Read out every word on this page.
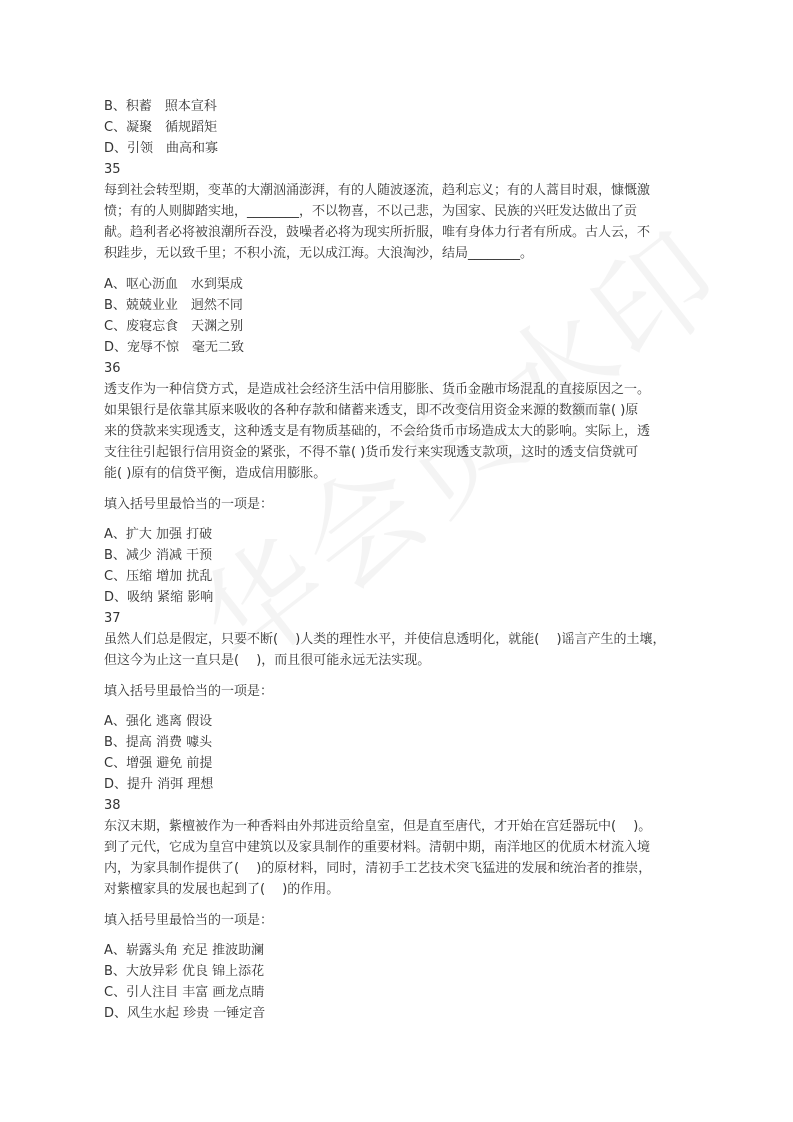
B、积蓄　照本宣科
C、凝聚　循规蹈矩
D、引领　曲高和寡
35
每到社会转型期，变革的大潮汹涌澎湃，有的人随波逐流，趋利忘义；有的人蒿目时艰，慷慨激
愤；有的人则脚踏实地，________，不以物喜，不以己悲，为国家、民族的兴旺发达做出了贡
献。趋利者必将被浪潮所吞没，鼓噪者必将为现实所折服，唯有身体力行者有所成。古人云，不
积跬步，无以致千里；不积小流，无以成江海。大浪淘沙，结局________。
A、呕心沥血　水到渠成
B、兢兢业业　迥然不同
C、废寝忘食　天渊之别
D、宠辱不惊　毫无二致
36
透支作为一种信贷方式，是造成社会经济生活中信用膨胀、货币金融市场混乱的直接原因之一。
如果银行是依靠其原来吸收的各种存款和储蓄来透支，即不改变信用资金来源的数额而靠( )原
来的贷款来实现透支，这种透支是有物质基础的，不会给货币市场造成太大的影响。实际上，透
支往往引起银行信用资金的紧张，不得不靠( )货币发行来实现透支款项，这时的透支信贷就可
能( )原有的信贷平衡，造成信用膨胀。
填入括号里最恰当的一项是：
A、扩大 加强 打破
B、减少 消减 干预
C、压缩 增加 扰乱
D、吸纳 紧缩 影响
37
虽然人们总是假定，只要不断(　 )人类的理性水平，并使信息透明化，就能(　 )谣言产生的土壤，
但这今为止这一直只是(　 )，而且很可能永远无法实现。
填入括号里最恰当的一项是：
A、强化 逃离 假设
B、提高 消费 噱头
C、增强 避免 前提
D、提升 消弭 理想
38
东汉末期，紫檀被作为一种香料由外邦进贡给皇室，但是直至唐代，才开始在宫廷器玩中(　 )。
到了元代，它成为皇宫中建筑以及家具制作的重要材料。清朝中期，南洋地区的优质木材流入境
内，为家具制作提供了(　 )的原材料，同时，清初手工艺技术突飞猛进的发展和统治者的推崇，
对紫檀家具的发展也起到了(　 )的作用。
填入括号里最恰当的一项是：
A、崭露头角 充足 推波助澜
B、大放异彩 优良 锦上添花
C、引人注目 丰富 画龙点睛
D、风生水起 珍贵 一锤定音
